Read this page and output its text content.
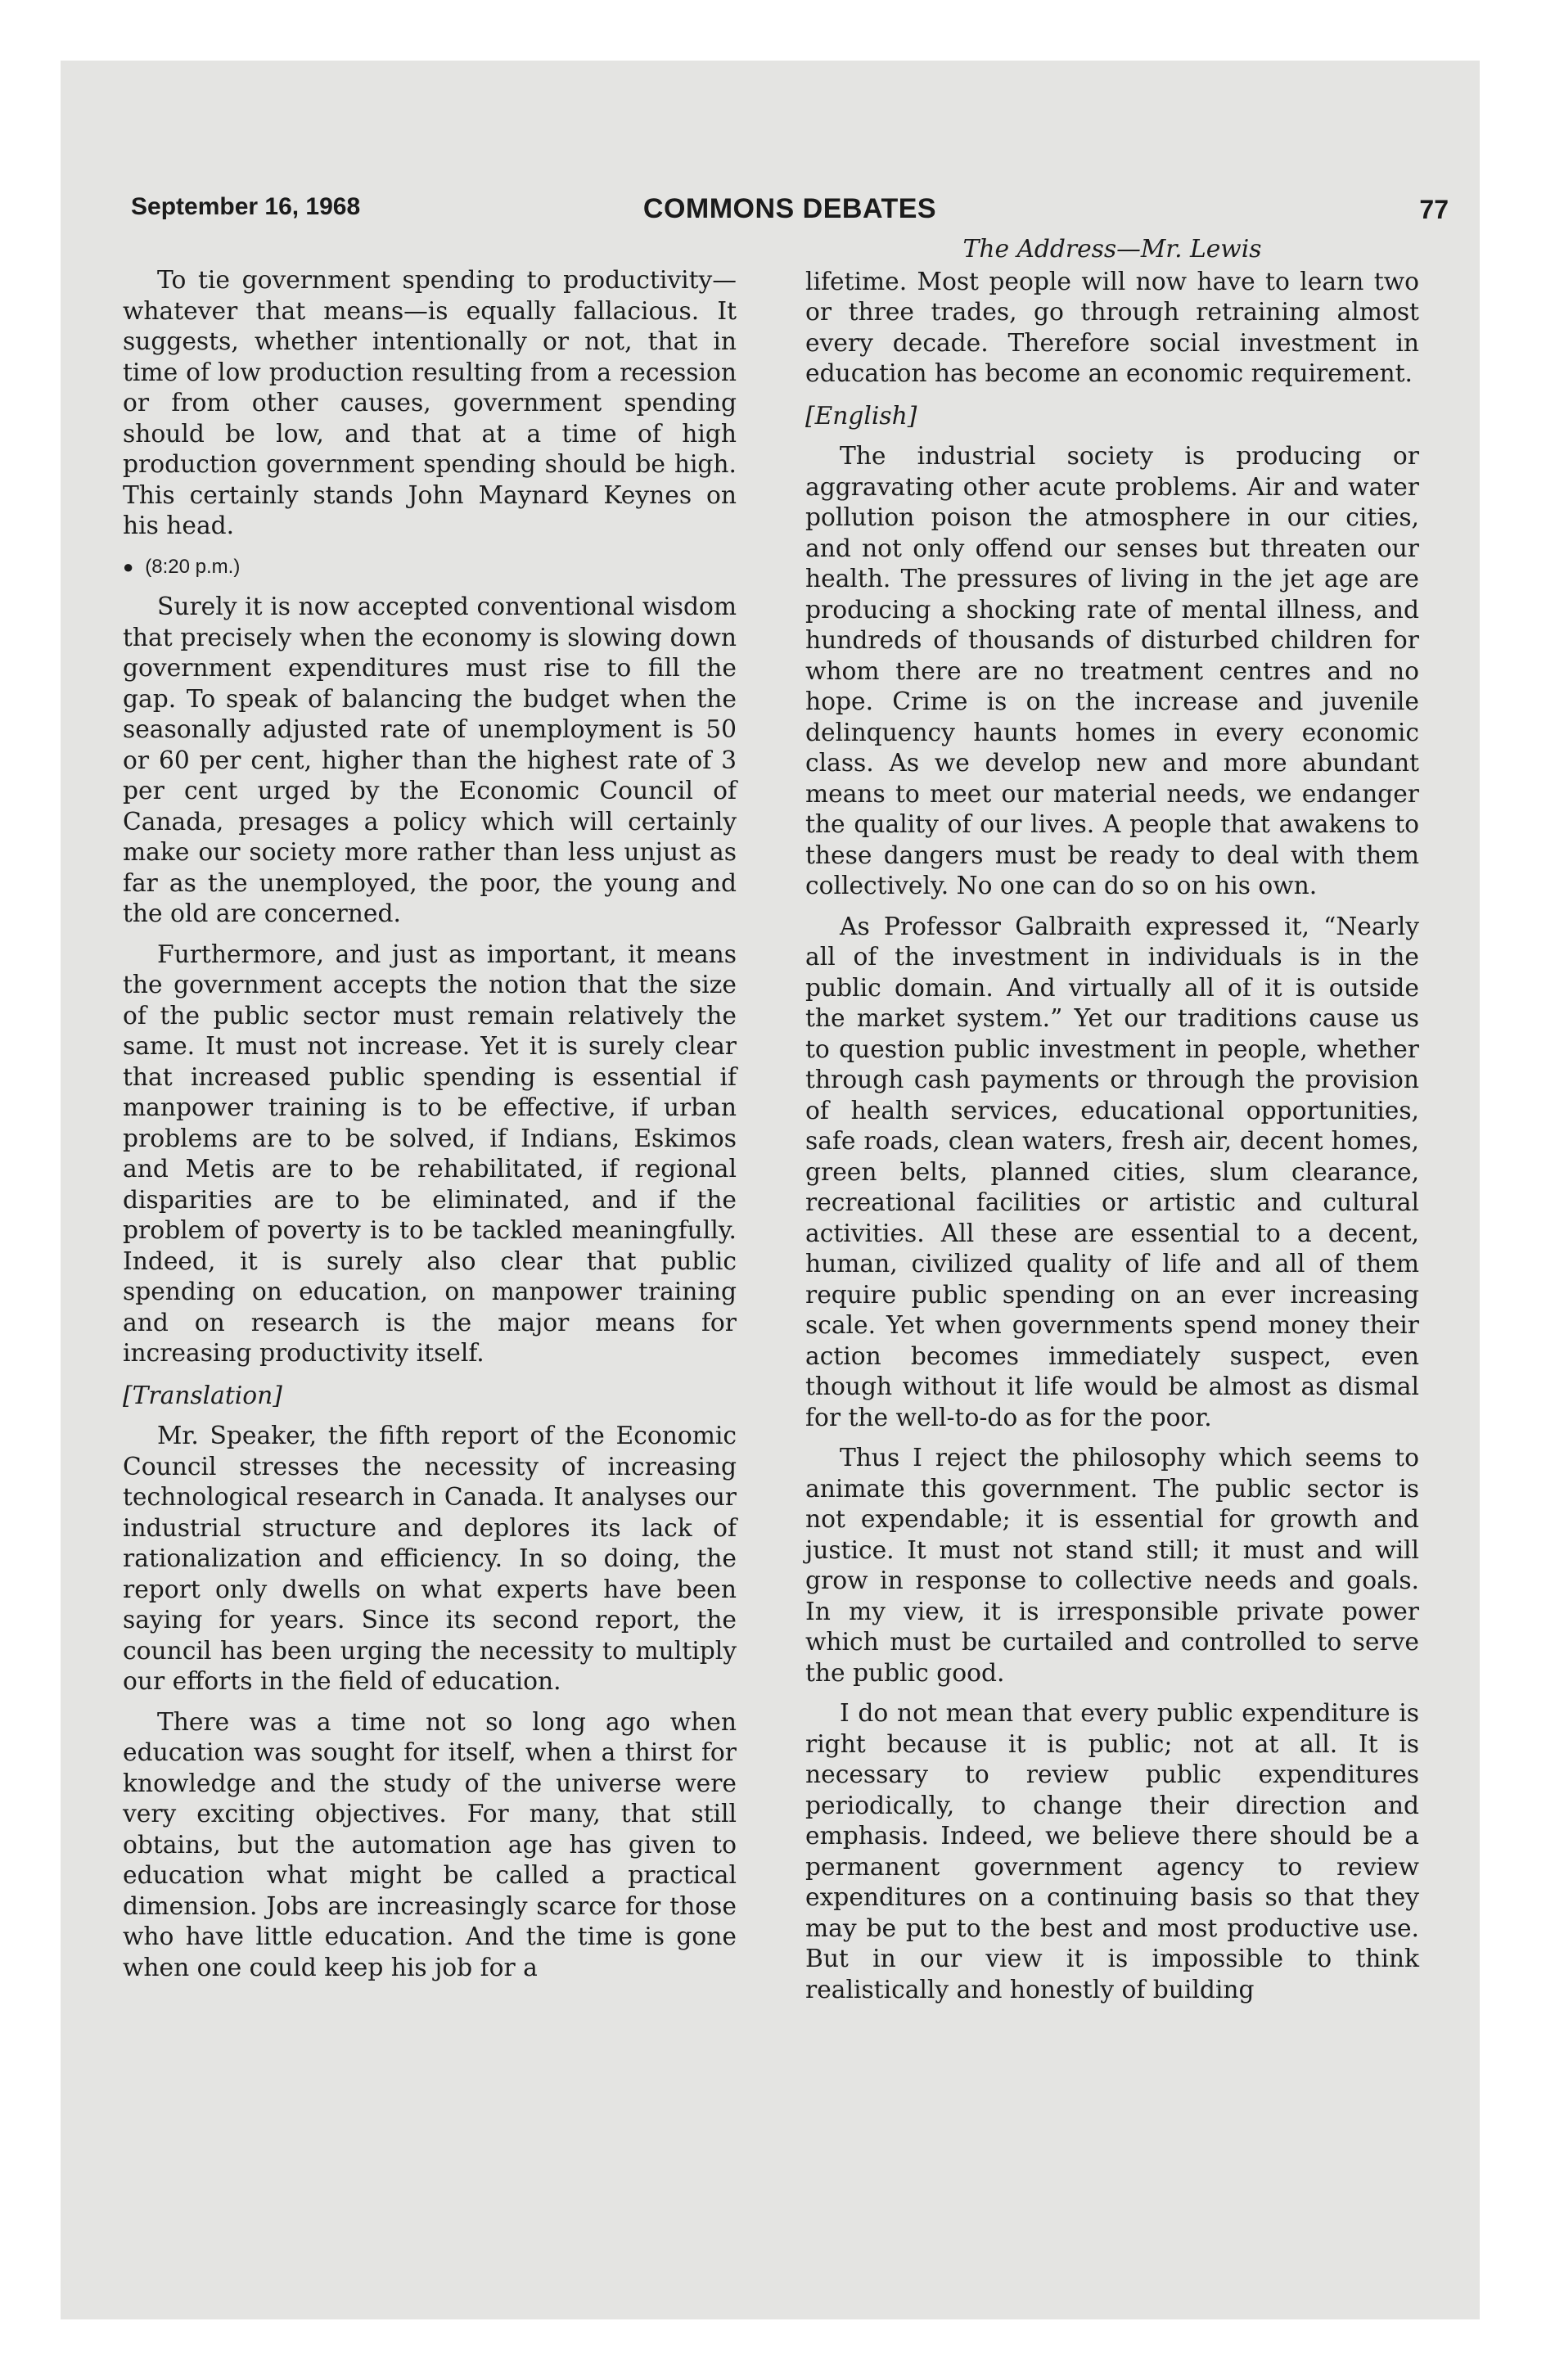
September 16, 1968	COMMONS DEBATES	77

To tie government spending to productivity—whatever that means—is equally fallacious. It suggests, whether intentionally or not, that in time of low production resulting from a recession or from other causes, government spending should be low, and that at a time of high production government spending should be high. This certainly stands John Maynard Keynes on his head.

● (8:20 p.m.)

Surely it is now accepted conventional wisdom that precisely when the economy is slowing down government expenditures must rise to fill the gap. To speak of balancing the budget when the seasonally adjusted rate of unemployment is 50 or 60 per cent, higher than the highest rate of 3 per cent urged by the Economic Council of Canada, presages a policy which will certainly make our society more rather than less unjust as far as the unemployed, the poor, the young and the old are concerned.

Furthermore, and just as important, it means the government accepts the notion that the size of the public sector must remain relatively the same. It must not increase. Yet it is surely clear that increased public spending is essential if manpower training is to be effective, if urban problems are to be solved, if Indians, Eskimos and Metis are to be rehabilitated, if regional disparities are to be eliminated, and if the problem of poverty is to be tackled meaningfully. Indeed, it is surely also clear that public spending on education, on manpower training and on research is the major means for increasing productivity itself.

[Translation]

Mr. Speaker, the fifth report of the Economic Council stresses the necessity of increasing technological research in Canada. It analyses our industrial structure and deplores its lack of rationalization and efficiency. In so doing, the report only dwells on what experts have been saying for years. Since its second report, the council has been urging the necessity to multiply our efforts in the field of education.

There was a time not so long ago when education was sought for itself, when a thirst for knowledge and the study of the universe were very exciting objectives. For many, that still obtains, but the automation age has given to education what might be called a practical dimension. Jobs are increasingly scarce for those who have little education. And the time is gone when one could keep his job for a

The Address—Mr. Lewis

lifetime. Most people will now have to learn two or three trades, go through retraining almost every decade. Therefore social investment in education has become an economic requirement.

[English]

The industrial society is producing or aggravating other acute problems. Air and water pollution poison the atmosphere in our cities, and not only offend our senses but threaten our health. The pressures of living in the jet age are producing a shocking rate of mental illness, and hundreds of thousands of disturbed children for whom there are no treatment centres and no hope. Crime is on the increase and juvenile delinquency haunts homes in every economic class. As we develop new and more abundant means to meet our material needs, we endanger the quality of our lives. A people that awakens to these dangers must be ready to deal with them collectively. No one can do so on his own.

As Professor Galbraith expressed it, “Nearly all of the investment in individuals is in the public domain. And virtually all of it is outside the market system.” Yet our traditions cause us to question public investment in people, whether through cash payments or through the provision of health services, educational opportunities, safe roads, clean waters, fresh air, decent homes, green belts, planned cities, slum clearance, recreational facilities or artistic and cultural activities. All these are essential to a decent, human, civilized quality of life and all of them require public spending on an ever increasing scale. Yet when governments spend money their action becomes immediately suspect, even though without it life would be almost as dismal for the well-to-do as for the poor.

Thus I reject the philosophy which seems to animate this government. The public sector is not expendable; it is essential for growth and justice. It must not stand still; it must and will grow in response to collective needs and goals. In my view, it is irresponsible private power which must be curtailed and controlled to serve the public good.

I do not mean that every public expenditure is right because it is public; not at all. It is necessary to review public expenditures periodically, to change their direction and emphasis. Indeed, we believe there should be a permanent government agency to review expenditures on a continuing basis so that they may be put to the best and most productive use. But in our view it is impossible to think realistically and honestly of building
